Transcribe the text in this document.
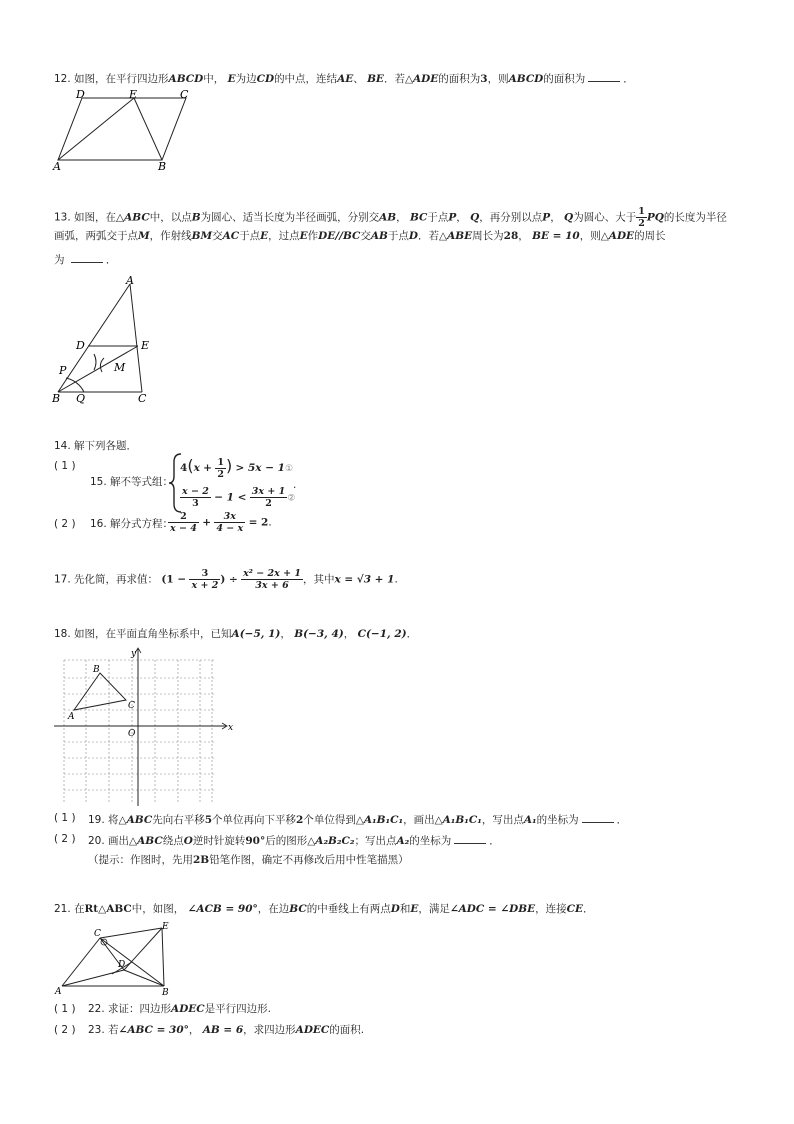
12. 如图，在平行四边形ABCD中， E为边CD的中点，连结AE、 BE．若△ADE的面积为3，则ABCD的面积为	．
D	E	C
A	B
13. 如图，在△ABC中，以点B为圆心、适当长度为半径画弧，分别交AB， BC于点P， Q，再分别以点P， Q为圆心、大于 $\frac{1}{2}$ PQ的长度为半径
画弧，两弧交于点M，作射线BM交AC于点E，过点E作DE//BC交AB于点D．若△ABE周长为28， BE = 10，则△ADE的周长
为	．
A
D	E
P	M
B Q	C
14. 解下列各题．
( 1 )
15. 解不等式组：
$4(x + \frac{1}{2}$ ) > 5x − 1①
$\frac{x - 2}{3} - 1 < \frac{3x + 1}{2}$ ②
.
( 2 ) 16. 解分式方程：
$\frac{2}{x - 4} + \frac{3x}{4 - x} = 2$.
17. 先化简，再求值： ($1 - \frac{3}{x + 2}$ ) ÷ $\frac{\text{x² − 2x + 1}}{3x + 6}$ ，其中x = √3 + 1.
18. 如图，在平面直角坐标系中，已知A(−5, 1)， B(−3, 4)， C(−1, 2)．
x
y
O
A
B
C
( 1 ) 19. 将△ABC先向右平移5个单位再向下平移2个单位得到△A₁B₁C₁，画出△A₁B₁C₁，写出点A₁的坐标为	．
( 2 ) 20. 画出△ABC绕点O逆时针旋转90°后的图形△A₂B₂C₂；写出点A₂的坐标为	．
（提示：作图时，先用2B铅笔作图，确定不再修改后用中性笔描黑）
21. 在Rt△ABC中，如图， ∠ACB = 90°，在边BC的中垂线上有两点D和E，满足∠ADC = ∠DBE，连接CE．
C
E
D
A	B
( 1 ) 22. 求证：四边形ADEC是平行四边形.
( 2 ) 23. 若∠ABC = 30°， AB = 6，求四边形ADEC的面积.
